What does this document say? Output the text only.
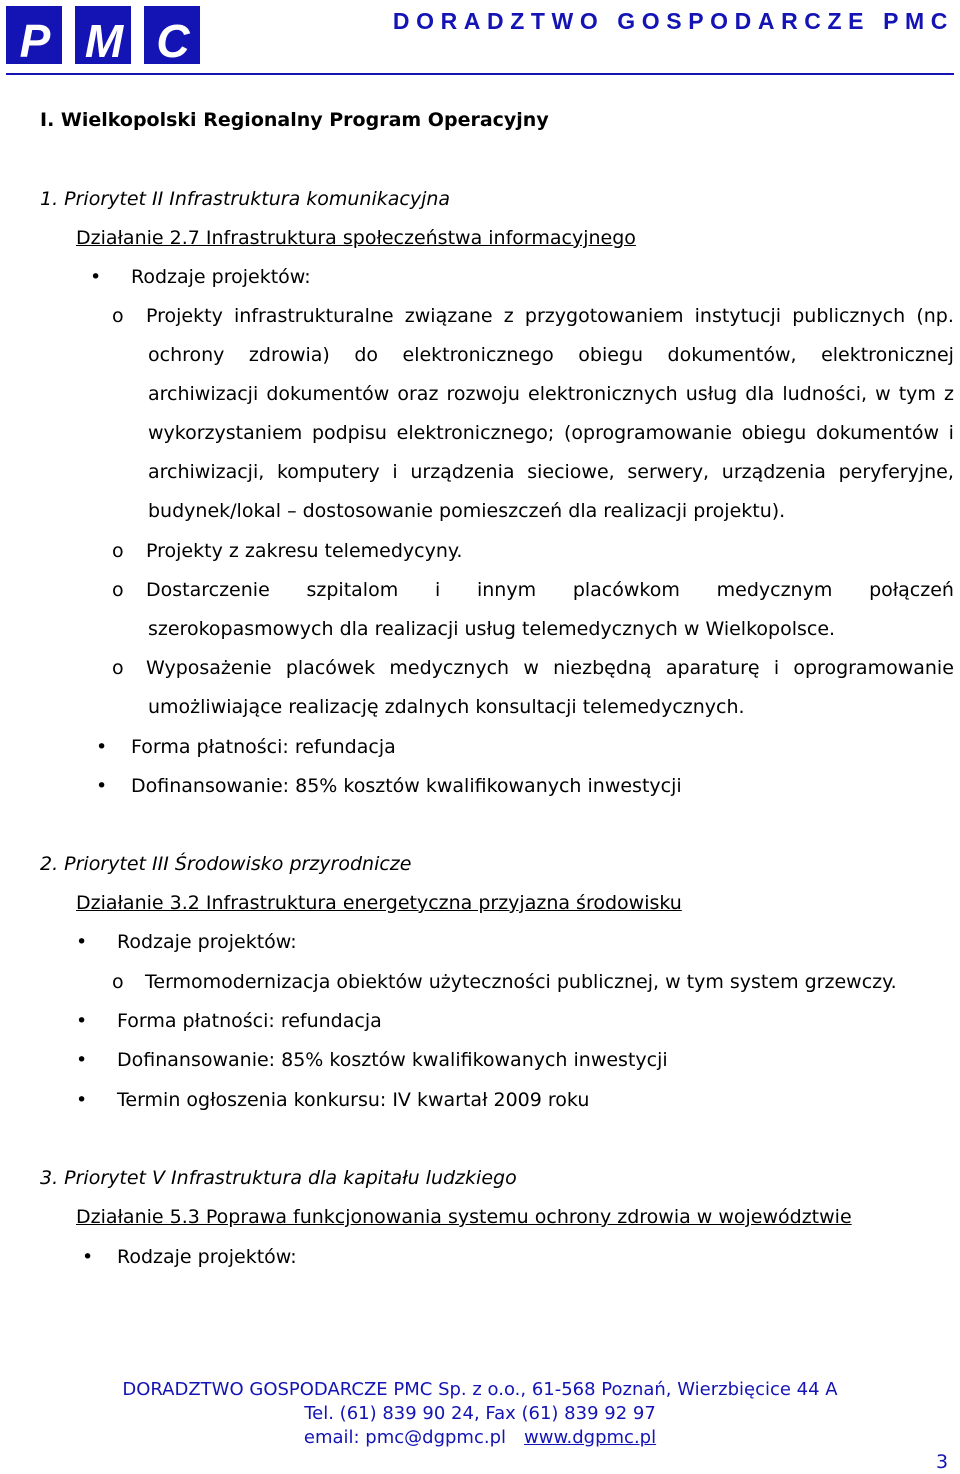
P M C	DORADZTWO GOSPODARCZE PMC
I. Wielkopolski Regionalny Program Operacyjny
1. Priorytet II Infrastruktura komunikacyjna
Działanie 2.7 Infrastruktura społeczeństwa informacyjnego
• Rodzaje projektów:
o Projekty infrastrukturalne związane z przygotowaniem instytucji publicznych (np.
ochrony zdrowia) do elektronicznego obiegu dokumentów, elektronicznej
archiwizacji dokumentów oraz rozwoju elektronicznych usług dla ludności, w tym z
wykorzystaniem podpisu elektronicznego; (oprogramowanie obiegu dokumentów i
archiwizacji, komputery i urządzenia sieciowe, serwery, urządzenia peryferyjne,
budynek/lokal – dostosowanie pomieszczeń dla realizacji projektu).
o Projekty z zakresu telemedycyny.
o Dostarczenie szpitalom i innym placówkom medycznym połączeń
szerokopasmowych dla realizacji usług telemedycznych w Wielkopolsce.
o Wyposażenie placówek medycznych w niezbędną aparaturę i oprogramowanie
umożliwiające realizację zdalnych konsultacji telemedycznych.
• Forma płatności: refundacja
• Dofinansowanie: 85% kosztów kwalifikowanych inwestycji
2. Priorytet III Środowisko przyrodnicze
Działanie 3.2 Infrastruktura energetyczna przyjazna środowisku
• Rodzaje projektów:
o Termomodernizacja obiektów użyteczności publicznej, w tym system grzewczy.
• Forma płatności: refundacja
• Dofinansowanie: 85% kosztów kwalifikowanych inwestycji
• Termin ogłoszenia konkursu: IV kwartał 2009 roku
3. Priorytet V Infrastruktura dla kapitału ludzkiego
Działanie 5.3 Poprawa funkcjonowania systemu ochrony zdrowia w województwie
• Rodzaje projektów:
DORADZTWO GOSPODARCZE PMC Sp. z o.o., 61-568 Poznań, Wierzbięcice 44 A
Tel. (61) 839 90 24, Fax (61) 839 92 97
email: pmc@dgpmc.pl www.dgpmc.pl
3
